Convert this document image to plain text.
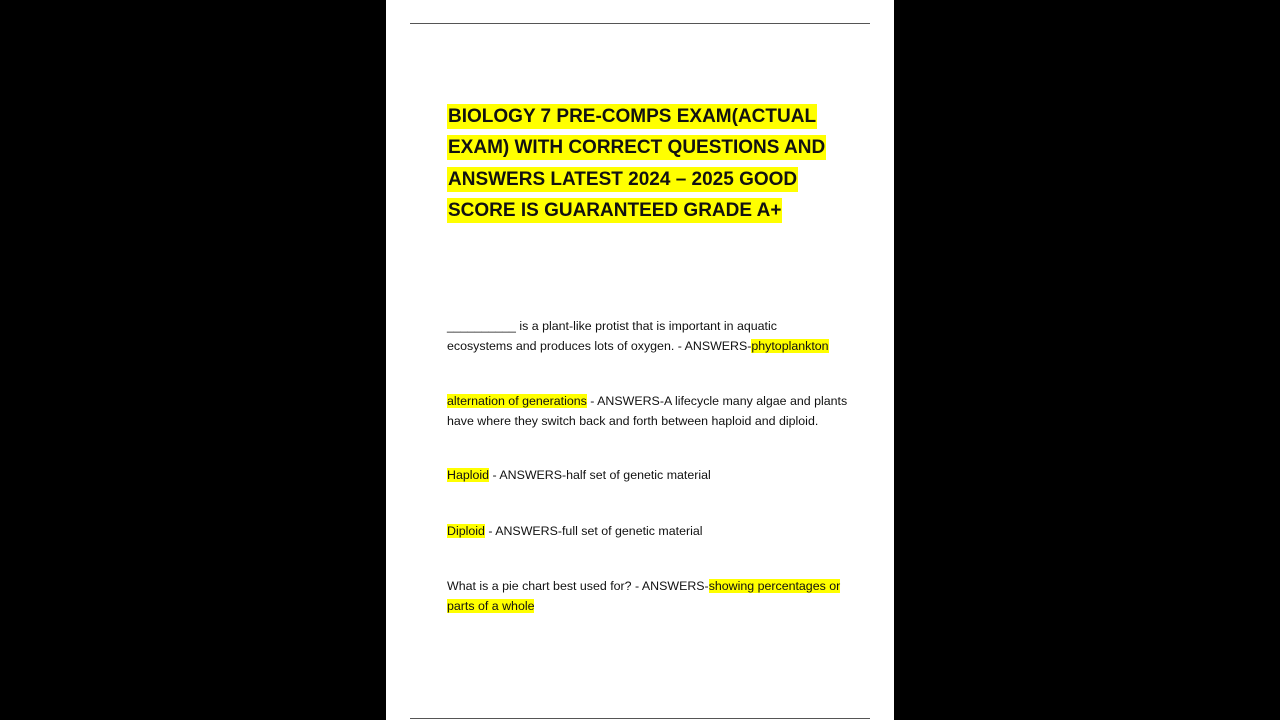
BIOLOGY 7 PRE-COMPS EXAM(ACTUAL
EXAM) WITH CORRECT QUESTIONS AND
ANSWERS LATEST 2024 – 2025 GOOD
SCORE IS GUARANTEED GRADE A+
__________ is a plant-like protist that is important in aquatic
ecosystems and produces lots of oxygen. - ANSWERS-phytoplankton
alternation of generations - ANSWERS-A lifecycle many algae and plants
have where they switch back and forth between haploid and diploid.
Haploid - ANSWERS-half set of genetic material
Diploid - ANSWERS-full set of genetic material
What is a pie chart best used for? - ANSWERS-showing percentages or
parts of a whole
